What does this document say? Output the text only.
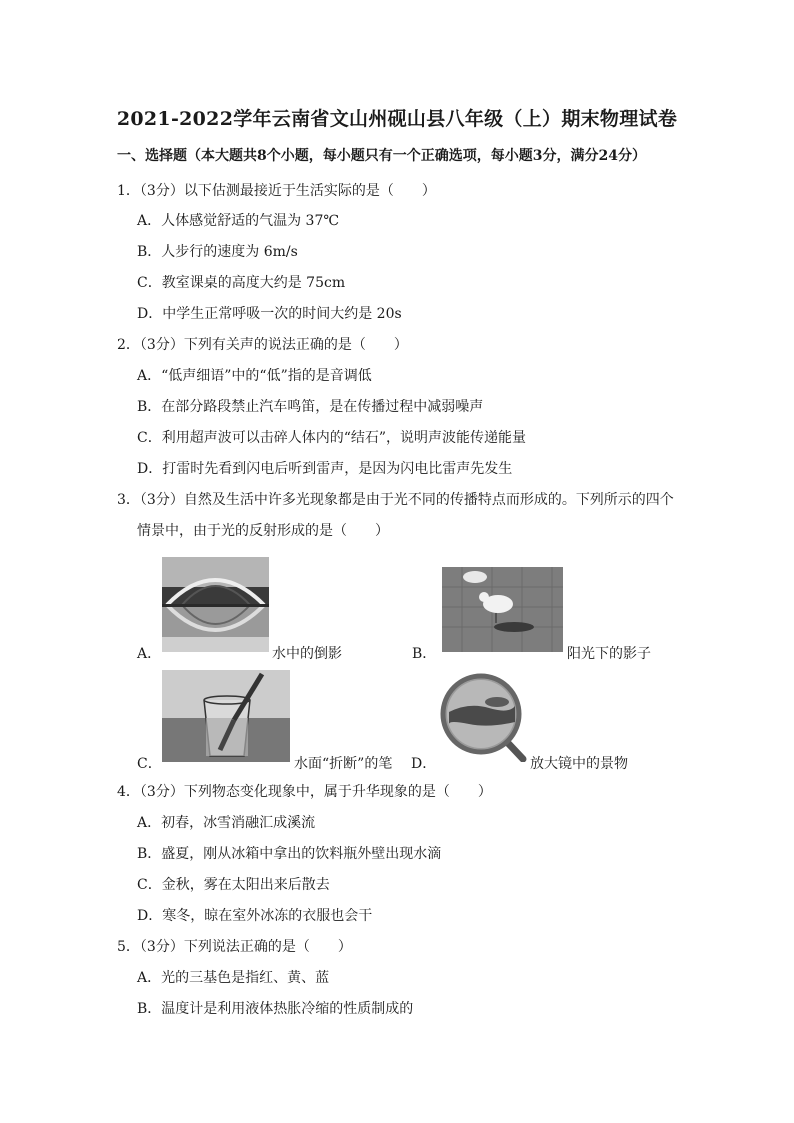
2021-2022学年云南省文山州砚山县八年级（上）期末物理试卷
一、选择题（本大题共8个小题，每小题只有一个正确选项，每小题3分，满分24分）
1．（3分）以下估测最接近于生活实际的是（　　）
A．人体感觉舒适的气温为 37℃
B．人步行的速度为 6m/s
C．教室课桌的高度大约是 75cm
D．中学生正常呼吸一次的时间大约是 20s
2．（3分）下列有关声的说法正确的是（　　）
A．“低声细语”中的“低”指的是音调低
B．在部分路段禁止汽车鸣笛，是在传播过程中减弱噪声
C．利用超声波可以击碎人体内的“结石”，说明声波能传递能量
D．打雷时先看到闪电后听到雷声，是因为闪电比雷声先发生
3．（3分）自然及生活中许多光现象都是由于光不同的传播特点而形成的。下列所示的四个
情景中，由于光的反射形成的是（　　）
A．	水中的倒影	B．	阳光下的影子
C．	水面“折断”的笔 D．	放大镜中的景物
4．（3分）下列物态变化现象中，属于升华现象的是（　　）
A．初春，冰雪消融汇成溪流
B．盛夏，刚从冰箱中拿出的饮料瓶外壁出现水滴
C．金秋，雾在太阳出来后散去
D．寒冬，晾在室外冰冻的衣服也会干
5．（3分）下列说法正确的是（　　）
A．光的三基色是指红、黄、蓝
B．温度计是利用液体热胀冷缩的性质制成的
